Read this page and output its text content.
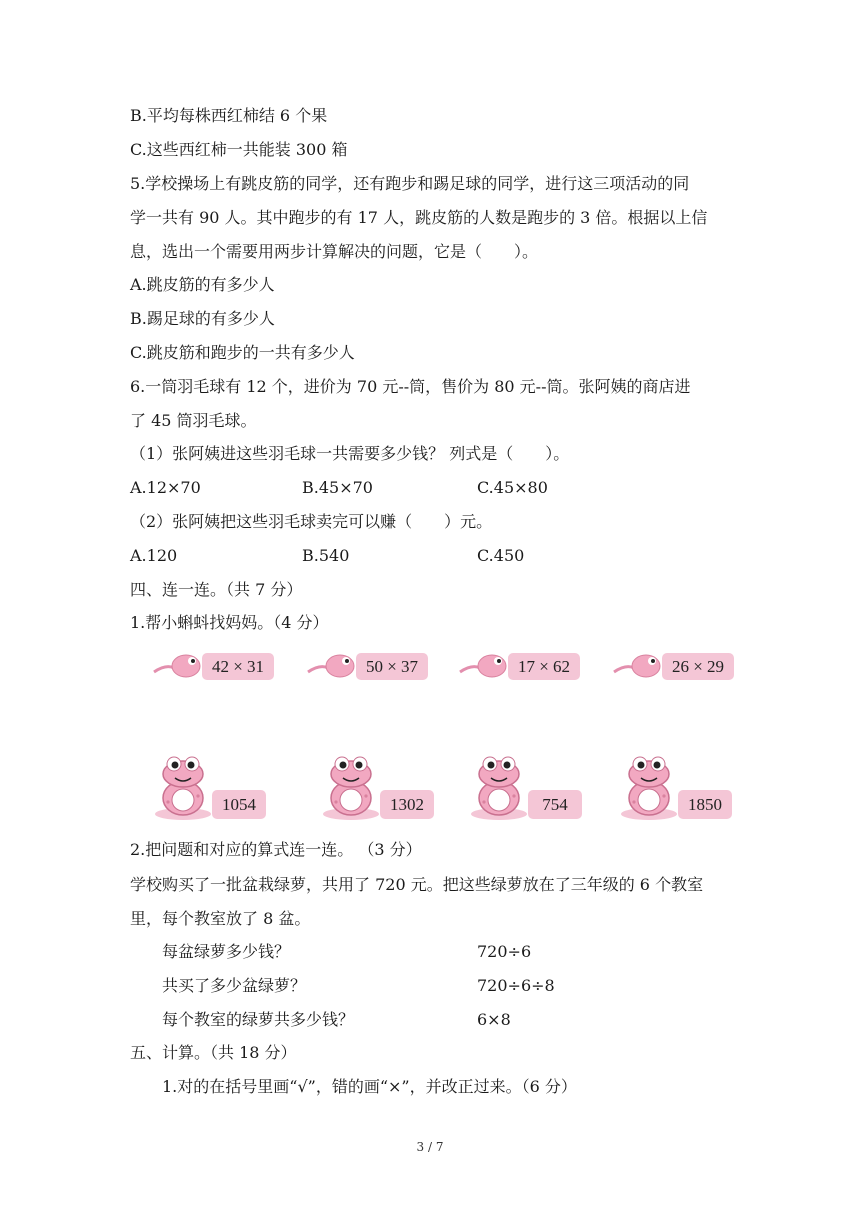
B.平均每株西红柿结 6 个果
C.这些西红柿一共能装 300 箱
5.学校操场上有跳皮筋的同学，还有跑步和踢足球的同学，进行这三项活动的同
学一共有 90 人。其中跑步的有 17 人，跳皮筋的人数是跑步的 3 倍。根据以上信
息，选出一个需要用两步计算解决的问题，它是（　　）。
A.跳皮筋的有多少人
B.踢足球的有多少人
C.跳皮筋和跑步的一共有多少人
6.一筒羽毛球有 12 个，进价为 70 元--筒，售价为 80 元--筒。张阿姨的商店进
了 45 筒羽毛球。
（1）张阿姨进这些羽毛球一共需要多少钱？ 列式是（　　）。
A.12×70	B.45×70	C.45×80
（2）张阿姨把这些羽毛球卖完可以赚（　　）元。
A.120	B.540	C.450
四、连一连。（共 7 分）
1.帮小蝌蚪找妈妈。（4 分）
42 × 31	50 × 37	17 × 62	26 × 29
1054	1302	754	1850
2.把问题和对应的算式连一连。 （3 分）
学校购买了一批盆栽绿萝，共用了 720 元。把这些绿萝放在了三年级的 6 个教室
里，每个教室放了 8 盆。
每盆绿萝多少钱？	720÷6
共买了多少盆绿萝？	720÷6÷8
每个教室的绿萝共多少钱？	6×8
五、计算。（共 18 分）
1.对的在括号里画“√”，错的画“×”，并改正过来。（6 分）
3 / 7
